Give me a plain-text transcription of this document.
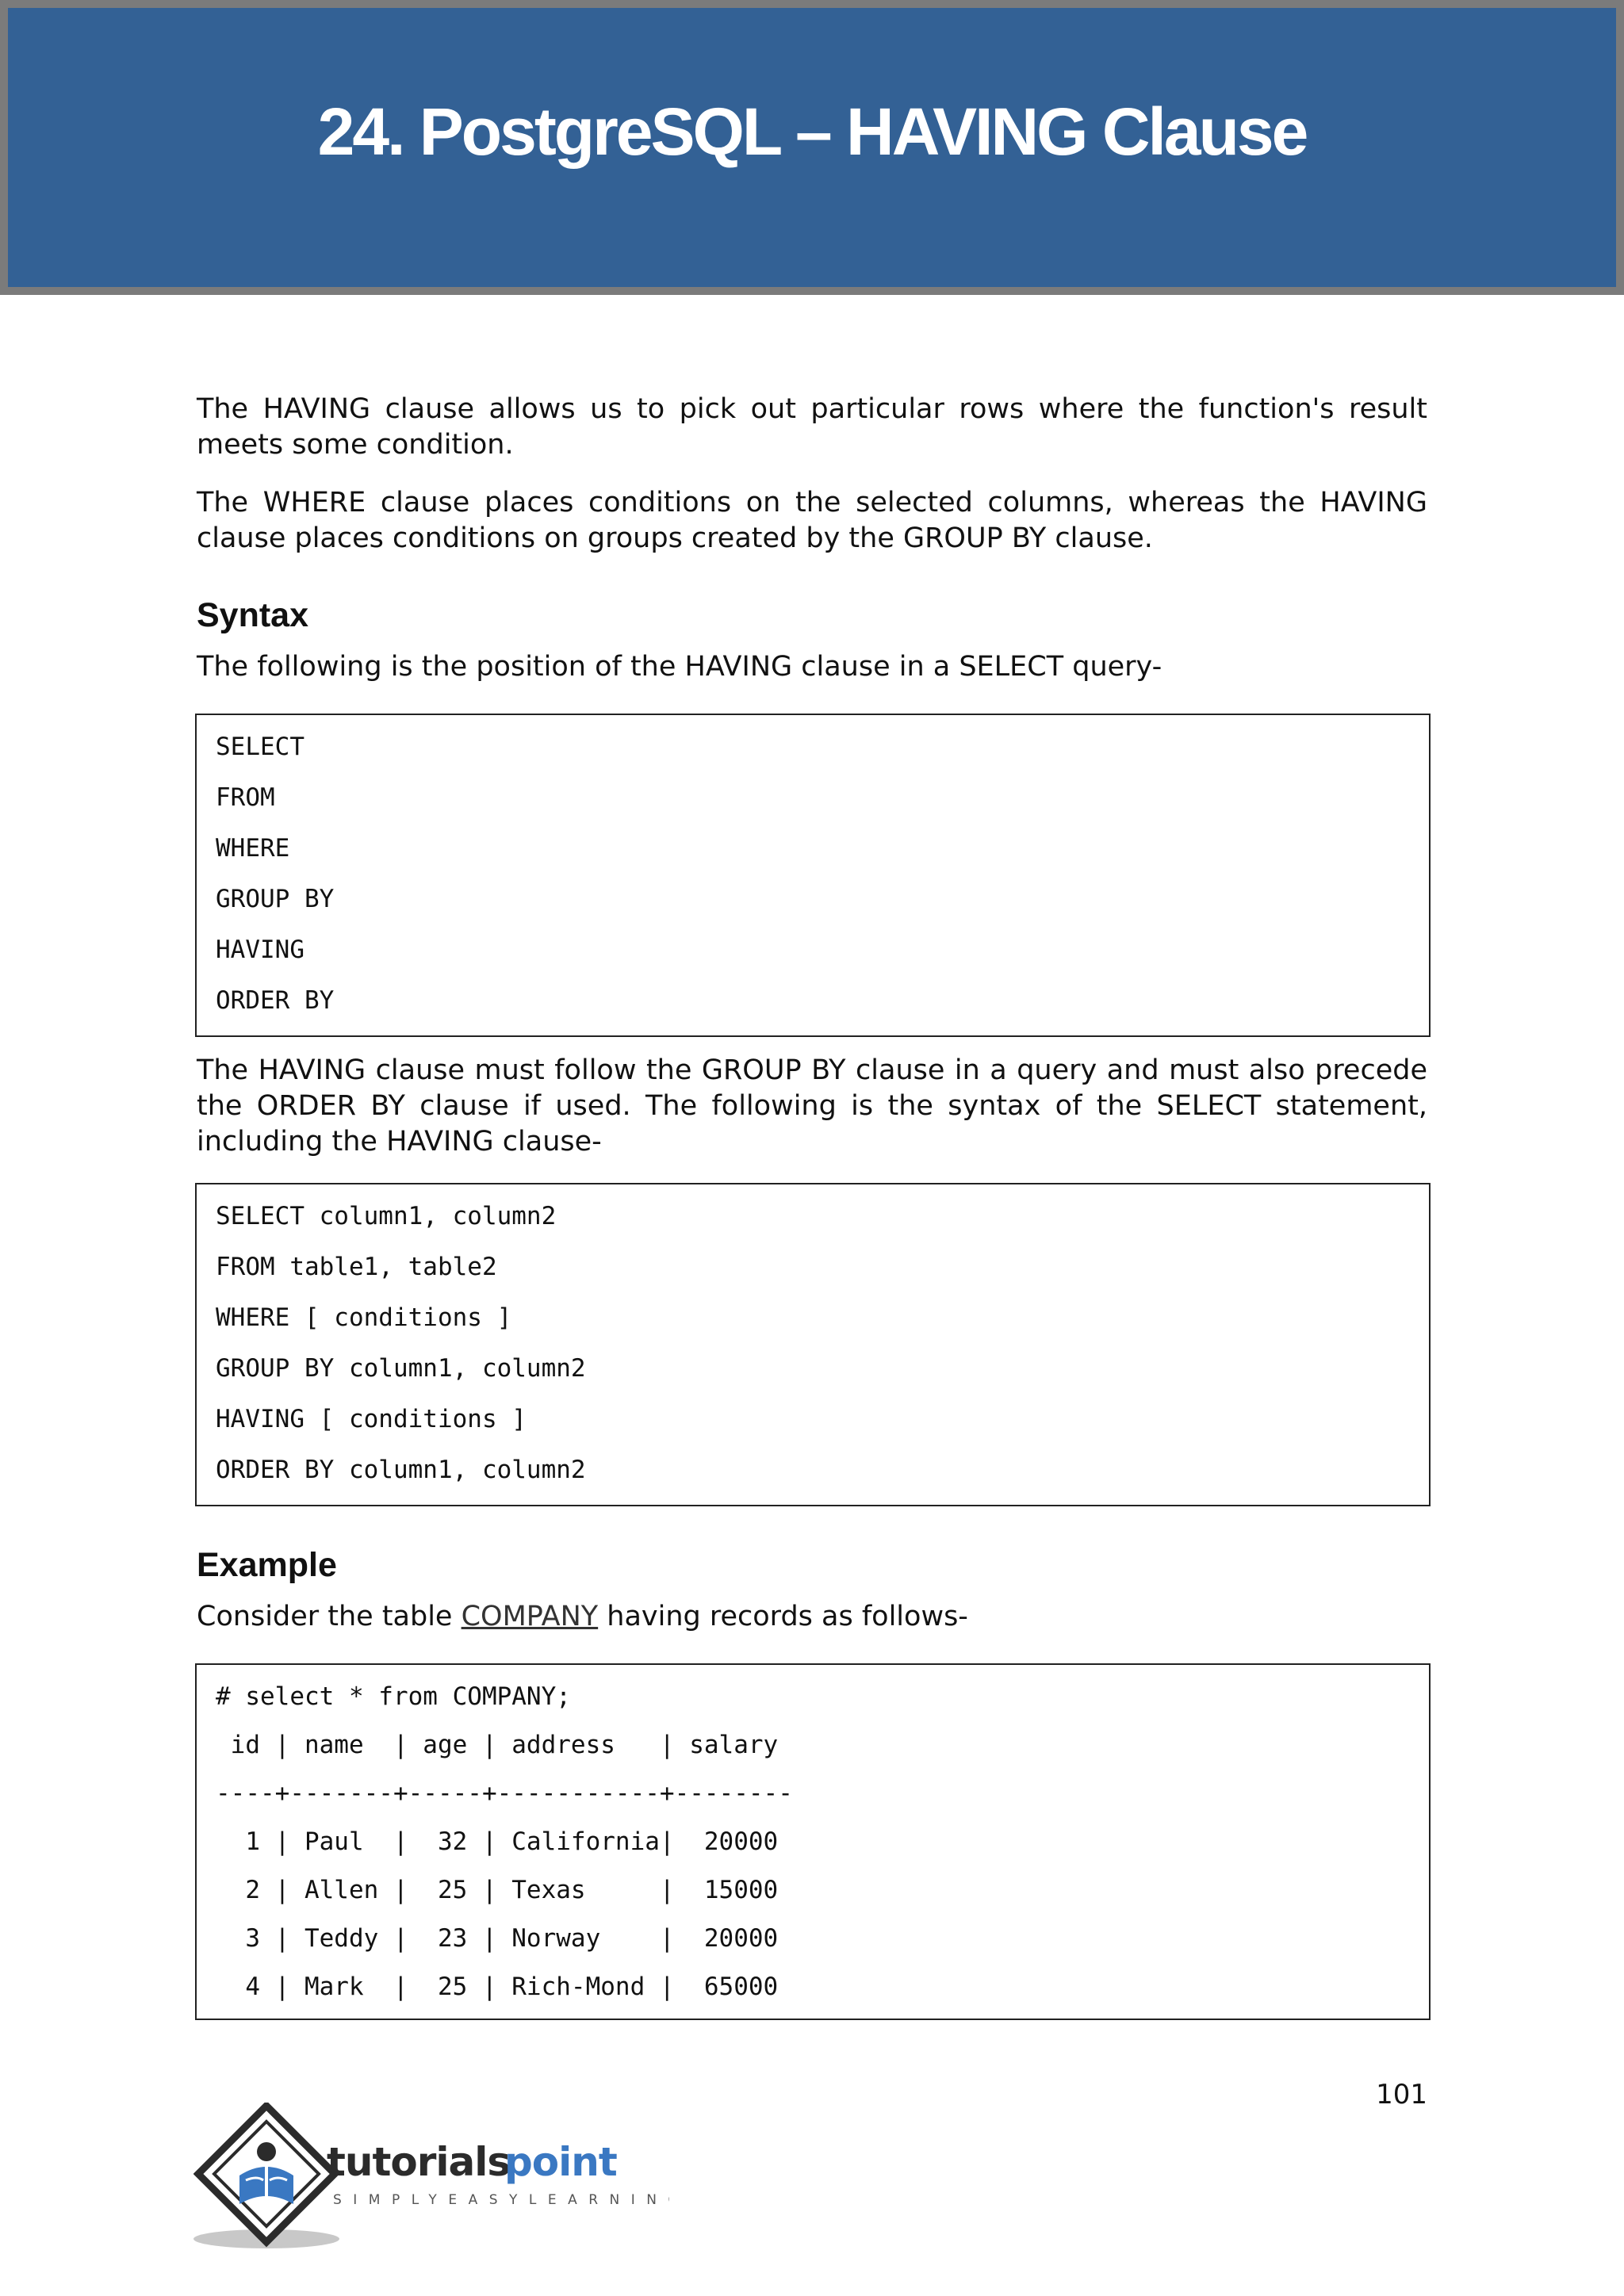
24. PostgreSQL – HAVING Clause

The HAVING clause allows us to pick out particular rows where the function's result meets some condition.

The WHERE clause places conditions on the selected columns, whereas the HAVING clause places conditions on groups created by the GROUP BY clause.

Syntax

The following is the position of the HAVING clause in a SELECT query-

SELECT
FROM
WHERE
GROUP BY
HAVING
ORDER BY

The HAVING clause must follow the GROUP BY clause in a query and must also precede the ORDER BY clause if used. The following is the syntax of the SELECT statement, including the HAVING clause-

SELECT column1, column2
FROM table1, table2
WHERE [ conditions ]
GROUP BY column1, column2
HAVING [ conditions ]
ORDER BY column1, column2
Example

Consider the table COMPANY having records as follows-

# select * from COMPANY;
id | name  | age | address   | salary
----+-------+-----+-----------+--------
1 | Paul  |  32 | California|  20000
2 | Allen |  25 | Texas     |  15000
3 | Teddy |  23 | Norway    |  20000
4 | Mark  |  25 | Rich-Mond |  65000
101
tutorials
point
SIMPLYEASYLEARNING
